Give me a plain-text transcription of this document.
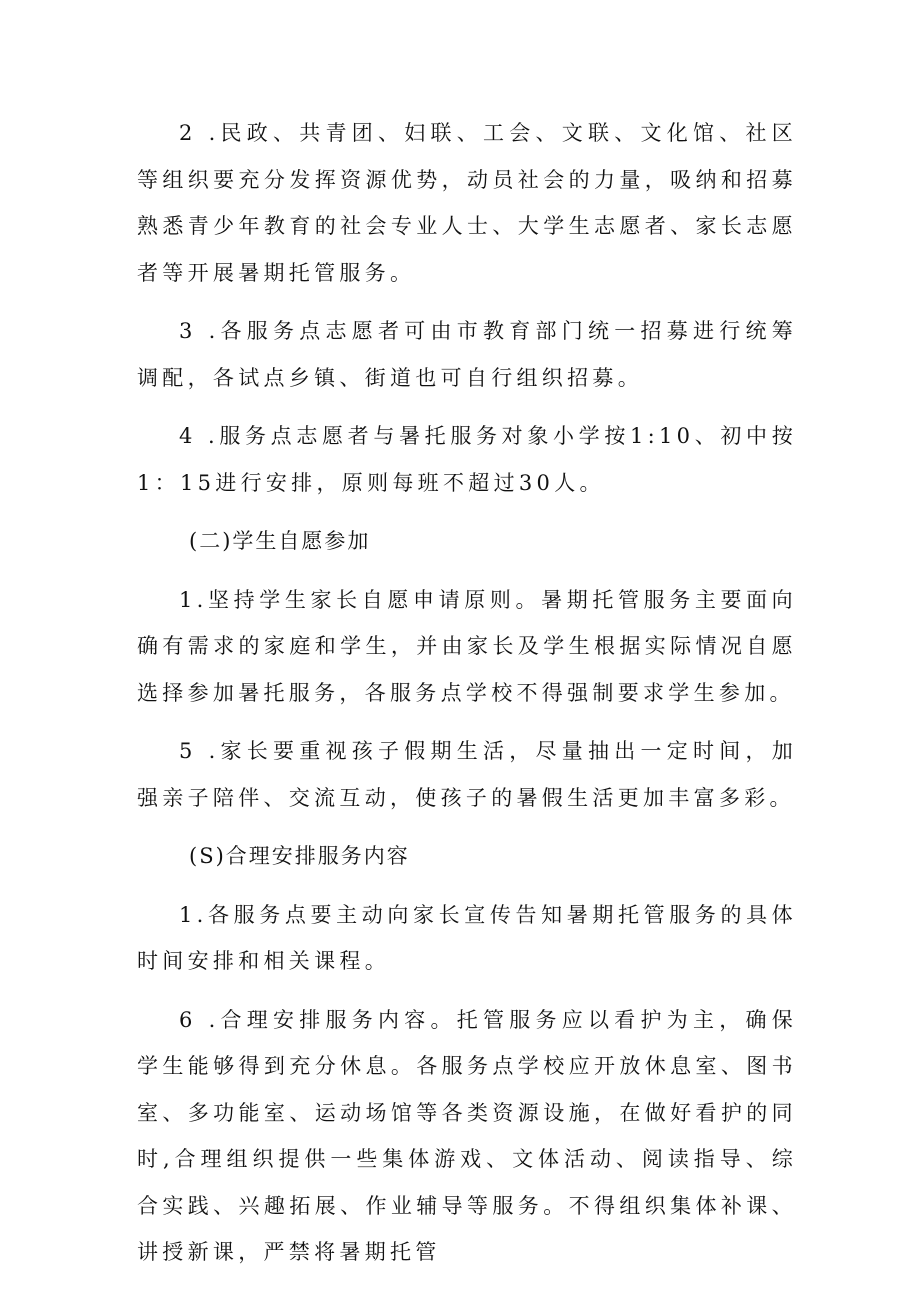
2 .民政、共青团、妇联、工会、文联、文化馆、社区等组织要充分发挥资源优势，动员社会的力量，吸纳和招募熟悉青少年教育的社会专业人士、大学生志愿者、家长志愿者等开展暑期托管服务。

3 .各服务点志愿者可由市教育部门统一招募进行统筹调配，各试点乡镇、街道也可自行组织招募。

4 .服务点志愿者与暑托服务对象小学按1:10、初中按1：15进行安排，原则每班不超过30人。

(二)学生自愿参加

1.坚持学生家长自愿申请原则。暑期托管服务主要面向确有需求的家庭和学生，并由家长及学生根据实际情况自愿选择参加暑托服务，各服务点学校不得强制要求学生参加。

5 .家长要重视孩子假期生活，尽量抽出一定时间，加强亲子陪伴、交流互动，使孩子的暑假生活更加丰富多彩。

(S)合理安排服务内容

1.各服务点要主动向家长宣传告知暑期托管服务的具体时间安排和相关课程。

6 .合理安排服务内容。托管服务应以看护为主，确保学生能够得到充分休息。各服务点学校应开放休息室、图书室、多功能室、运动场馆等各类资源设施，在做好看护的同时,合理组织提供一些集体游戏、文体活动、阅读指导、综合实践、兴趣拓展、作业辅导等服务。不得组织集体补课、讲授新课，严禁将暑期托管
